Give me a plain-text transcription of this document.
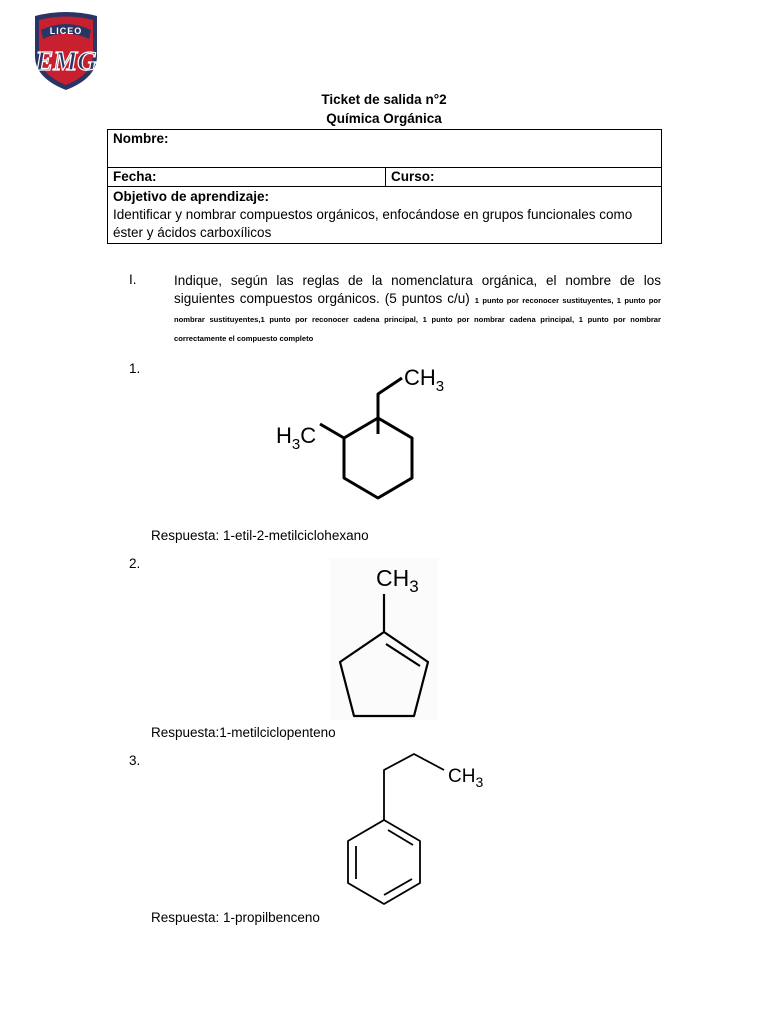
LICEO
EMG
Ticket de salida n°2
Química Orgánica
Nombre:
Fecha:	Curso:

Objetivo de aprendizaje:
Identificar y nombrar compuestos orgánicos, enfocándose en grupos funcionales como éster y ácidos carboxílicos
I.	Indique, según las reglas de la nomenclatura orgánica, el nombre de los siguientes compuestos orgánicos. (5 puntos c/u) 1 punto por reconocer sustituyentes, 1 punto por nombrar sustituyentes,1 punto por reconocer cadena principal, 1 punto por nombrar cadena principal, 1 punto por nombrar correctamente el compuesto completo
1.	$CH_3$
$H_3C$
Respuesta: 1-etil-2-metilciclohexano
2.
$CH_3$
Respuesta:1-metilciclopenteno
3.
$CH_3$
Respuesta: 1-propilbenceno
